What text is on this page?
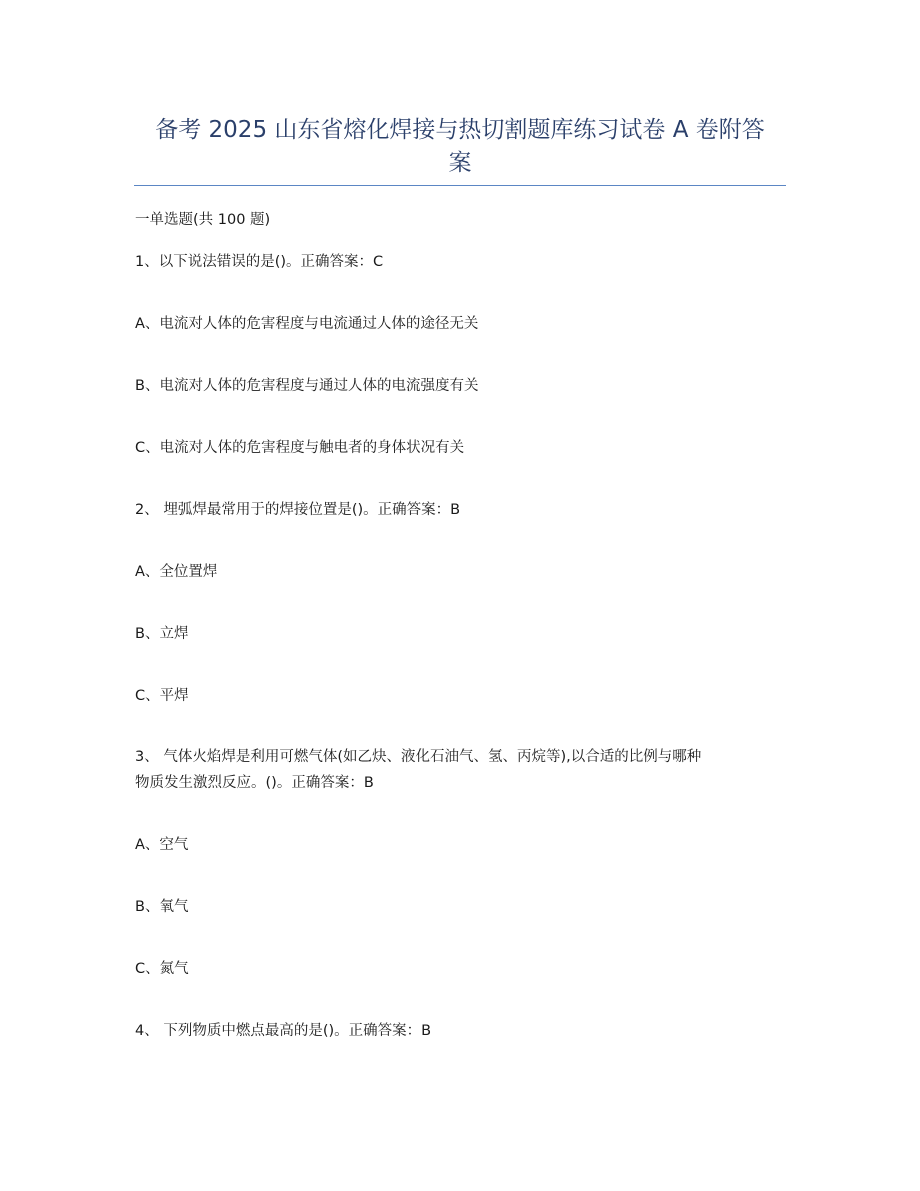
备考 2025 山东省熔化焊接与热切割题库练习试卷 A 卷附答
案
一单选题(共 100 题)
1、以下说法错误的是()。正确答案：C
A、电流对人体的危害程度与电流通过人体的途径无关
B、电流对人体的危害程度与通过人体的电流强度有关
C、电流对人体的危害程度与触电者的身体状况有关
2、 埋弧焊最常用于的焊接位置是()。正确答案：B
A、全位置焊
B、立焊
C、平焊
3、 气体火焰焊是利用可燃气体(如乙炔、液化石油气、氢、丙烷等),以合适的比例与哪种
物质发生激烈反应。()。正确答案：B
A、空气
B、氧气
C、氮气
4、 下列物质中燃点最高的是()。正确答案：B
